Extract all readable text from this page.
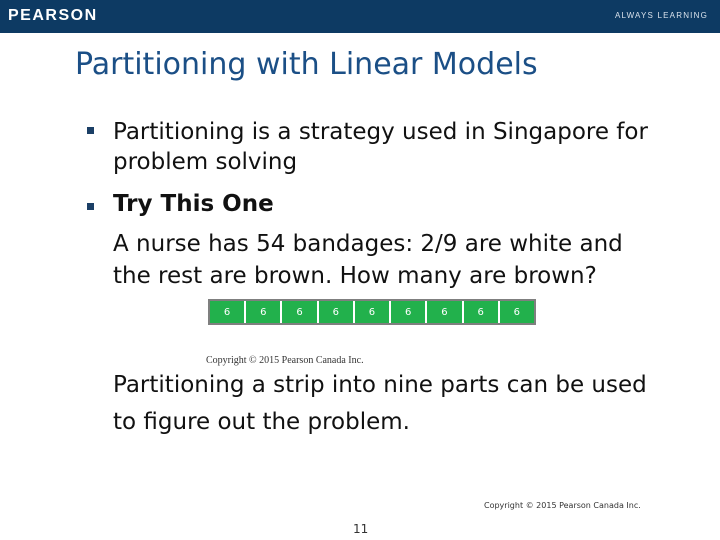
PEARSON	ALWAYS LEARNING
Partitioning with Linear Models

Partitioning is a strategy used in Singapore for

problem solving

Try This One

A nurse has 54 bandages: 2/9 are white and

the rest are brown. How many are brown?

6	6	6	6	6	6	6	6	6
Copyright © 2015 Pearson Canada Inc.

Partitioning a strip into nine parts can be used

to figure out the problem.

Copyright © 2015 Pearson Canada Inc.
11
